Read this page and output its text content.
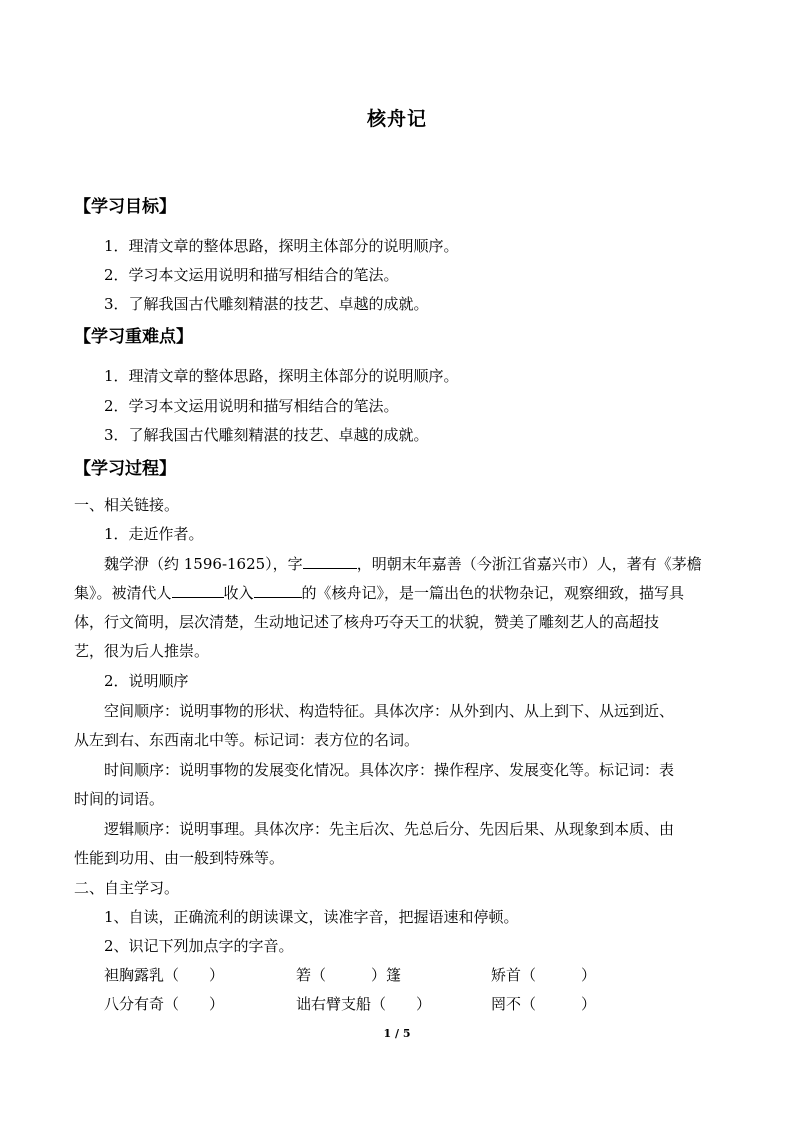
核舟记
【学习目标】
1．理清文章的整体思路，探明主体部分的说明顺序。
2．学习本文运用说明和描写相结合的笔法。
3．了解我国古代雕刻精湛的技艺、卓越的成就。
【学习重难点】
1．理清文章的整体思路，探明主体部分的说明顺序。
2．学习本文运用说明和描写相结合的笔法。
3．了解我国古代雕刻精湛的技艺、卓越的成就。
【学习过程】
一、相关链接。
1．走近作者。
魏学洢（约 1596-1625），字	，明朝末年嘉善（今浙江省嘉兴市）人，著有《茅檐
集》。被清代人	收入	的《核舟记》，是一篇出色的状物杂记，观察细致，描写具
体，行文简明，层次清楚，生动地记述了核舟巧夺天工的状貌，赞美了雕刻艺人的高超技
艺，很为后人推崇。
2．说明顺序
空间顺序：说明事物的形状、构造特征。具体次序：从外到内、从上到下、从远到近、
从左到右、东西南北中等。标记词：表方位的名词。
时间顺序：说明事物的发展变化情况。具体次序：操作程序、发展变化等。标记词：表
时间的词语。
逻辑顺序：说明事理。具体次序：先主后次、先总后分、先因后果、从现象到本质、由
性能到功用、由一般到特殊等。
二、自主学习。
1、自读，正确流利的朗读课文，读准字音，把握语速和停顿。
2、识记下列加点字的字音。
袒胸露乳（　　）	箬（　　　）篷	矫首（　　　）
八分有奇（　　）	诎右臂支船（　　）	罔不（　　　）
1 / 5
